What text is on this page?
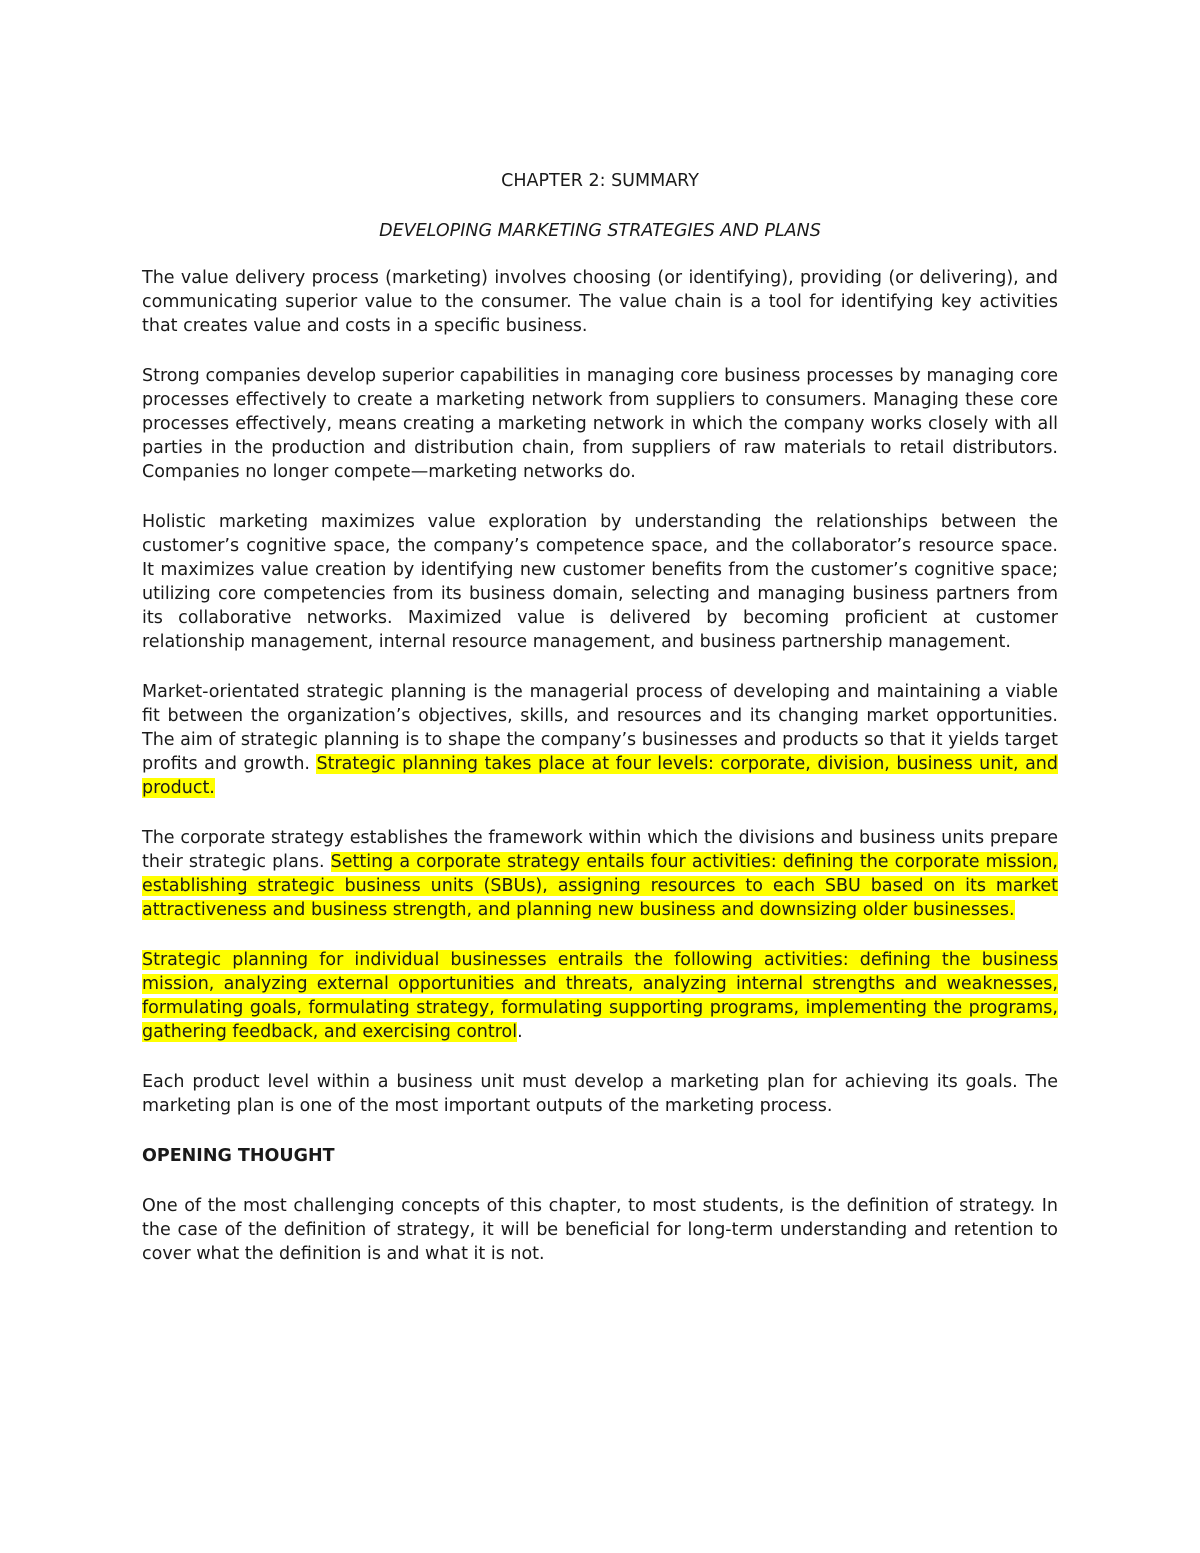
CHAPTER 2: SUMMARY
DEVELOPING MARKETING STRATEGIES AND PLANS

The value delivery process (marketing) involves choosing (or identifying), providing (or delivering), and communicating superior value to the consumer. The value chain is a tool for identifying key activities that creates value and costs in a specific business.

Strong companies develop superior capabilities in managing core business processes by managing core processes effectively to create a marketing network from suppliers to consumers. Managing these core processes effectively, means creating a marketing network in which the company works closely with all parties in the production and distribution chain, from suppliers of raw materials to retail distributors. Companies no longer compete—marketing networks do.

Holistic marketing maximizes value exploration by understanding the relationships between the customer’s cognitive space, the company’s competence space, and the collaborator’s resource space. It maximizes value creation by identifying new customer benefits from the customer’s cognitive space; utilizing core competencies from its business domain, selecting and managing business partners from its collaborative networks. Maximized value is delivered by becoming proficient at customer relationship management, internal resource management, and business partnership management.

Market-orientated strategic planning is the managerial process of developing and maintaining a viable fit between the organization’s objectives, skills, and resources and its changing market opportunities. The aim of strategic planning is to shape the company’s businesses and products so that it yields target profits and growth. Strategic planning takes place at four levels: corporate, division, business unit, and product.

The corporate strategy establishes the framework within which the divisions and business units prepare their strategic plans. Setting a corporate strategy entails four activities: defining the corporate mission, establishing strategic business units (SBUs), assigning resources to each SBU based on its market attractiveness and business strength, and planning new business and downsizing older businesses.

Strategic planning for individual businesses entrails the following activities: defining the business mission, analyzing external opportunities and threats, analyzing internal strengths and weaknesses, formulating goals, formulating strategy, formulating supporting programs, implementing the programs, gathering feedback, and exercising control.

Each product level within a business unit must develop a marketing plan for achieving its goals. The marketing plan is one of the most important outputs of the marketing process.

OPENING THOUGHT

One of the most challenging concepts of this chapter, to most students, is the definition of strategy. In the case of the definition of strategy, it will be beneficial for long-term understanding and retention to cover what the definition is and what it is not.
